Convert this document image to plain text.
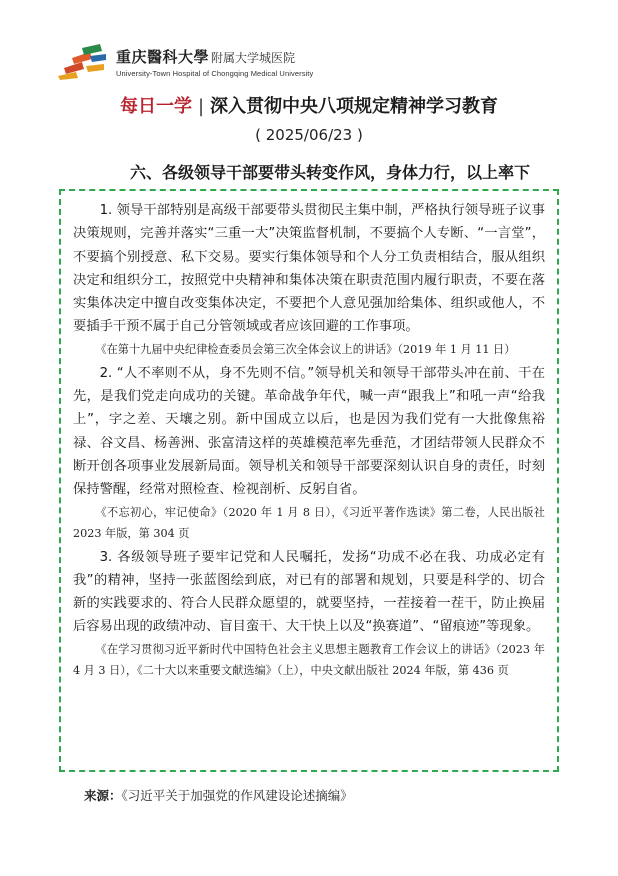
重庆醫科大學 附属大学城医院
University-Town Hospital of Chongqing Medical University
每日一学 | 深入贯彻中央八项规定精神学习教育
( 2025/06/23 )
六、各级领导干部要带头转变作风，身体力行，以上率下

1. 领导干部特别是高级干部要带头贯彻民主集中制，严格执行领导班子议事决策规则，完善并落实“三重一大”决策监督机制，不要搞个人专断、“一言堂”，不要搞个别授意、私下交易。要实行集体领导和个人分工负责相结合，服从组织决定和组织分工，按照党中央精神和集体决策在职责范围内履行职责，不要在落实集体决定中擅自改变集体决定，不要把个人意见强加给集体、组织或他人，不要插手干预不属于自己分管领域或者应该回避的工作事项。

《在第十九届中央纪律检查委员会第三次全体会议上的讲话》（2019 年 1 月 11 日）

2. “人不率则不从，身不先则不信。”领导机关和领导干部带头冲在前、干在先，是我们党走向成功的关键。革命战争年代，喊一声“跟我上”和吼一声“给我上”，字之差、天壤之别。新中国成立以后，也是因为我们党有一大批像焦裕禄、谷文昌、杨善洲、张富清这样的英雄模范率先垂范，才团结带领人民群众不断开创各项事业发展新局面。领导机关和领导干部要深刻认识自身的责任，时刻保持警醒，经常对照检查、检视剖析、反躬自省。

《不忘初心，牢记使命》（2020 年 1 月 8 日），《习近平著作选读》第二卷，人民出版社 2023 年版，第 304 页

3. 各级领导班子要牢记党和人民嘱托，发扬“功成不必在我、功成必定有我”的精神，坚持一张蓝图绘到底，对已有的部署和规划，只要是科学的、切合新的实践要求的、符合人民群众愿望的，就要坚持，一茬接着一茬干，防止换届后容易出现的政绩冲动、盲目蛮干、大干快上以及“换赛道”、“留痕迹”等现象。

《在学习贯彻习近平新时代中国特色社会主义思想主题教育工作会议上的讲话》（2023 年 4 月 3 日），《二十大以来重要文献选编》（上），中央文献出版社 2024 年版，第 436 页

来源：《习近平关于加强党的作风建设论述摘编》
